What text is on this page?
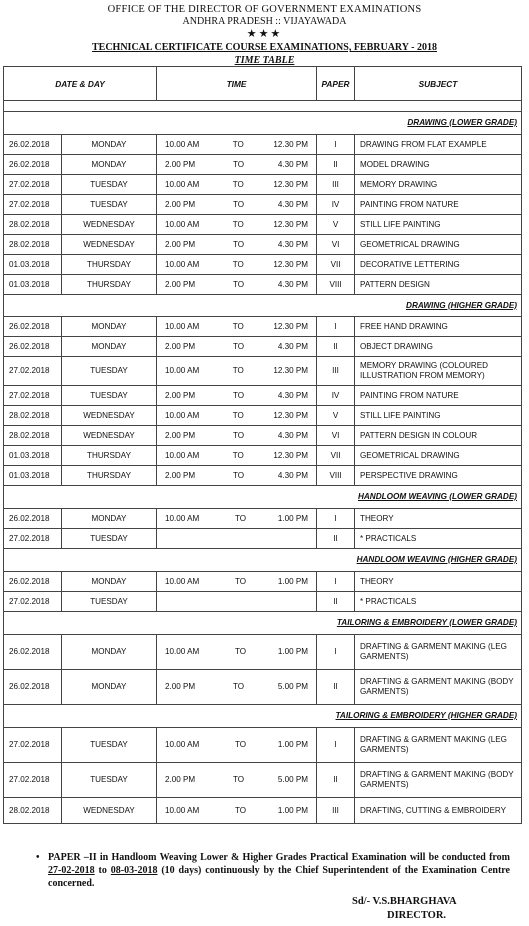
OFFICE OF THE DIRECTOR OF GOVERNMENT EXAMINATIONS
ANDHRA PRADESH :: VIJAYAWADA
★★★
TECHNICAL CERTIFICATE COURSE EXAMINATIONS, FEBRUARY - 2018
TIME TABLE
DATE & DAY		TIME	PAPER	SUBJECT

DRAWING (LOWER GRADE)				
26.02.2018	MONDAY	10.00 AM TO 12.30 PM	I	DRAWING FROM FLAT EXAMPLE
26.02.2018	MONDAY	2.00 PM TO 4.30 PM	II	MODEL DRAWING
27.02.2018	TUESDAY	10.00 AM TO 12.30 PM	III	MEMORY DRAWING
27.02.2018	TUESDAY	2.00 PM TO 4.30 PM	IV	PAINTING FROM NATURE
28.02.2018	WEDNESDAY	10.00 AM TO 12.30 PM	V	STILL LIFE PAINTING
28.02.2018	WEDNESDAY	2.00 PM TO 4.30 PM	VI	GEOMETRICAL DRAWING
01.03.2018	THURSDAY	10.00 AM TO 12.30 PM	VII	DECORATIVE LETTERING
01.03.2018	THURSDAY	2.00 PM TO 4.30 PM	VIII	PATTERN DESIGN
DRAWING (HIGHER GRADE)				
26.02.2018	MONDAY	10.00 AM TO 12.30 PM	I	FREE HAND DRAWING
26.02.2018	MONDAY	2.00 PM TO 4.30 PM	II	OBJECT DRAWING
27.02.2018	TUESDAY	10.00 AM TO 12.30 PM	III	MEMORY DRAWING (COLOURED ILLUSTRATION FROM MEMORY)
27.02.2018	TUESDAY	2.00 PM TO 4.30 PM	IV	PAINTING FROM NATURE
28.02.2018	WEDNESDAY	10.00 AM TO 12.30 PM	V	STILL LIFE PAINTING
28.02.2018	WEDNESDAY	2.00 PM TO 4.30 PM	VI	PATTERN DESIGN IN COLOUR
01.03.2018	THURSDAY	10.00 AM TO 12.30 PM	VII	GEOMETRICAL DRAWING
01.03.2018	THURSDAY	2.00 PM TO 4.30 PM	VIII	PERSPECTIVE DRAWING
HANDLOOM WEAVING (LOWER GRADE)				
26.02.2018	MONDAY	10.00 AM TO 1.00 PM	I	THEORY
27.02.2018	TUESDAY		II	* PRACTICALS
HANDLOOM WEAVING (HIGHER GRADE)				
26.02.2018	MONDAY	10.00 AM TO 1.00 PM	I	THEORY
27.02.2018	TUESDAY		II	* PRACTICALS
TAILORING & EMBROIDERY (LOWER GRADE)				
26.02.2018	MONDAY	10.00 AM TO 1.00 PM	I	DRAFTING & GARMENT MAKING (LEG GARMENTS)
26.02.2018	MONDAY	2.00 PM TO 5.00 PM	II	DRAFTING & GARMENT MAKING (BODY GARMENTS)
TAILORING & EMBROIDERY (HIGHER GRADE)				
27.02.2018	TUESDAY	10.00 AM TO 1.00 PM	I	DRAFTING & GARMENT MAKING (LEG GARMENTS)
27.02.2018	TUESDAY	2.00 PM TO 5.00 PM	II	DRAFTING & GARMENT MAKING (BODY GARMENTS)
28.02.2018	WEDNESDAY	10.00 AM TO 1.00 PM	III	DRAFTING, CUTTING & EMBROIDERY
• PAPER –II in Handloom Weaving Lower & Higher Grades Practical Examination will be conducted from 27-02-2018 to 08-03-2018 (10 days) continuously by the Chief Superintendent of the Examination Centre concerned.
Sd/- V.S.BHARGHAVA
DIRECTOR.
